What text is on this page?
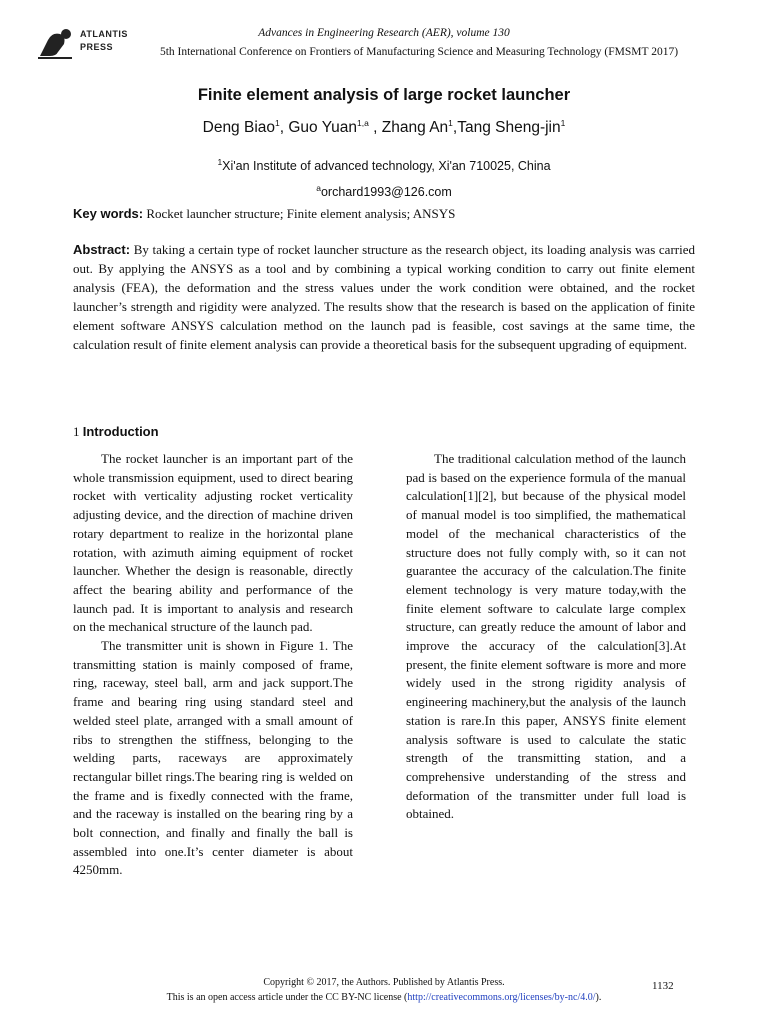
ATLANTIS
PRESS
Advances in Engineering Research (AER), volume 130
5th International Conference on Frontiers of Manufacturing Science and Measuring Technology (FMSMT 2017)
Finite element analysis of large rocket launcher
Deng Biao$^1$, Guo Yuan$^{1,a}$ , Zhang An$^1$,Tang Sheng-jin$^1$
$^1$Xi'an Institute of advanced technology, Xi'an 710025, China
$^a$orchard1993@126.com
Key words: Rocket launcher structure; Finite element analysis; ANSYS

Abstract: By taking a certain type of rocket launcher structure as the research object, its loading analysis was carried out. By applying the ANSYS as a tool and by combining a typical working condition to carry out finite element analysis (FEA), the deformation and the stress values under the work condition were obtained, and the rocket launcher’s strength and rigidity were analyzed. The results show that the research is based on the application of finite element software ANSYS calculation method on the launch pad is feasible, cost savings at the same time, the calculation result of finite element analysis can provide a theoretical basis for the subsequent upgrading of equipment.

1 Introduction

The rocket launcher is an important part of the whole transmission equipment, used to direct bearing rocket with verticality adjusting rocket verticality adjusting device, and the direction of machine driven rotary department to realize in the horizontal plane rotation, with azimuth aiming equipment of rocket launcher. Whether the design is reasonable, directly affect the bearing ability and performance of the launch pad. It is important to analysis and research on the mechanical structure of the launch pad.

The transmitter unit is shown in Figure 1. The transmitting station is mainly composed of frame, ring, raceway, steel ball, arm and jack support.The frame and bearing ring using standard steel and welded steel plate, arranged with a small amount of ribs to strengthen the stiffness, belonging to the welding parts, raceways are approximately rectangular billet rings.The bearing ring is welded on the frame and is fixedly connected with the frame, and the raceway is installed on the bearing ring by a bolt connection, and finally and finally the ball is assembled into one.It’s center diameter is about 4250mm.

The traditional calculation method of the launch pad is based on the experience formula of the manual calculation[1][2], but because of the physical model of manual model is too simplified, the mathematical model of the mechanical characteristics of the structure does not fully comply with, so it can not guarantee the accuracy of the calculation.The finite element technology is very mature today,with the finite element software to calculate large complex structure, can greatly reduce the amount of labor and improve the accuracy of the calculation[3].At present, the finite element software is more and more widely used in the strong rigidity analysis of engineering machinery,but the analysis of the launch station is rare.In this paper, ANSYS finite element analysis software is used to calculate the static strength of the transmitting station, and a comprehensive understanding of the stress and deformation of the transmitter under full load is obtained.

Copyright © 2017, the Authors. Published by Atlantis Press.
This is an open access article under the CC BY-NC license (http://creativecommons.org/licenses/by-nc/4.0/).
1132
